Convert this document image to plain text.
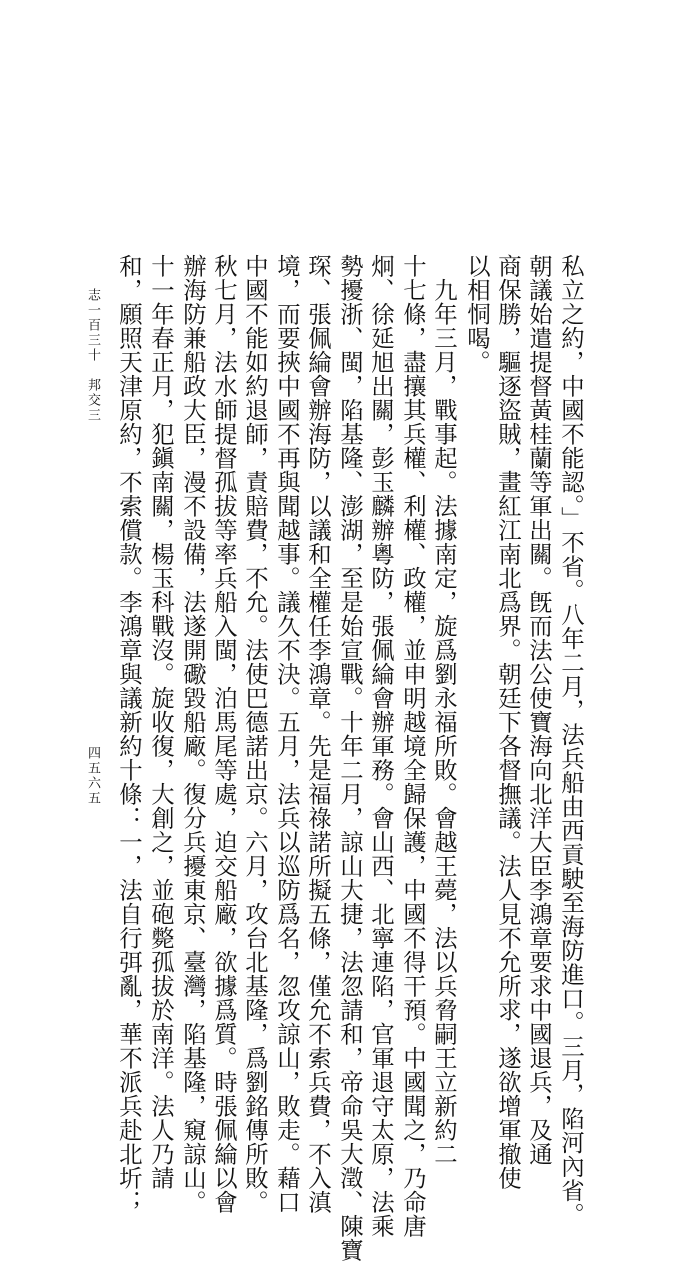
私立之約，中國不能認。」不省。八年二月，法兵船由西貢駛至海防進口。三月，陷河內省。
朝議始遣提督黃桂蘭等軍出關。旣而法公使寶海向北洋大臣李鴻章要求中國退兵，及通
商保勝，驅逐盜賊，畫紅江南北爲界。朝廷下各督撫議。法人見不允所求，遂欲增軍撤使
以相恫喝。
　九年三月，戰事起。法據南定，旋爲劉永福所敗。會越王薨，法以兵脅嗣王立新約二
十七條，盡攘其兵權、利權、政權，並申明越境全歸保護，中國不得干預。中國聞之，乃命唐
炯、徐延旭出關，彭玉麟辦粵防，張佩綸會辦軍務。會山西、北寧連陷，官軍退守太原，法乘
勢擾浙、閩，陷基隆、澎湖，至是始宣戰。十年二月，諒山大捷，法忽請和，帝命吳大澂、陳寶
琛、張佩綸會辦海防，以議和全權任李鴻章。先是福祿諾所擬五條，僅允不索兵費，不入滇
境，而要挾中國不再與聞越事。議久不決。五月，法兵以巡防爲名，忽攻諒山，敗走。藉口
中國不能如約退師，責賠費，不允。法使巴德諾出京。六月，攻台北基隆，爲劉銘傳所敗。
秋七月，法水師提督孤拔等率兵船入閩，泊馬尾等處，迫交船廠，欲據爲質。時張佩綸以會
辦海防兼船政大臣，漫不設備，法遂開礮毀船廠。復分兵擾東京、臺灣，陷基隆，窺諒山。
十一年春正月，犯鎭南關，楊玉科戰沒。旋收復，大創之，並砲斃孤拔於南洋。法人乃請
和，願照天津原約，不索償款。李鴻章與議新約十條：一，法自行弭亂，華不派兵赴北圻；
志一百三十
邦交三
四五六五
